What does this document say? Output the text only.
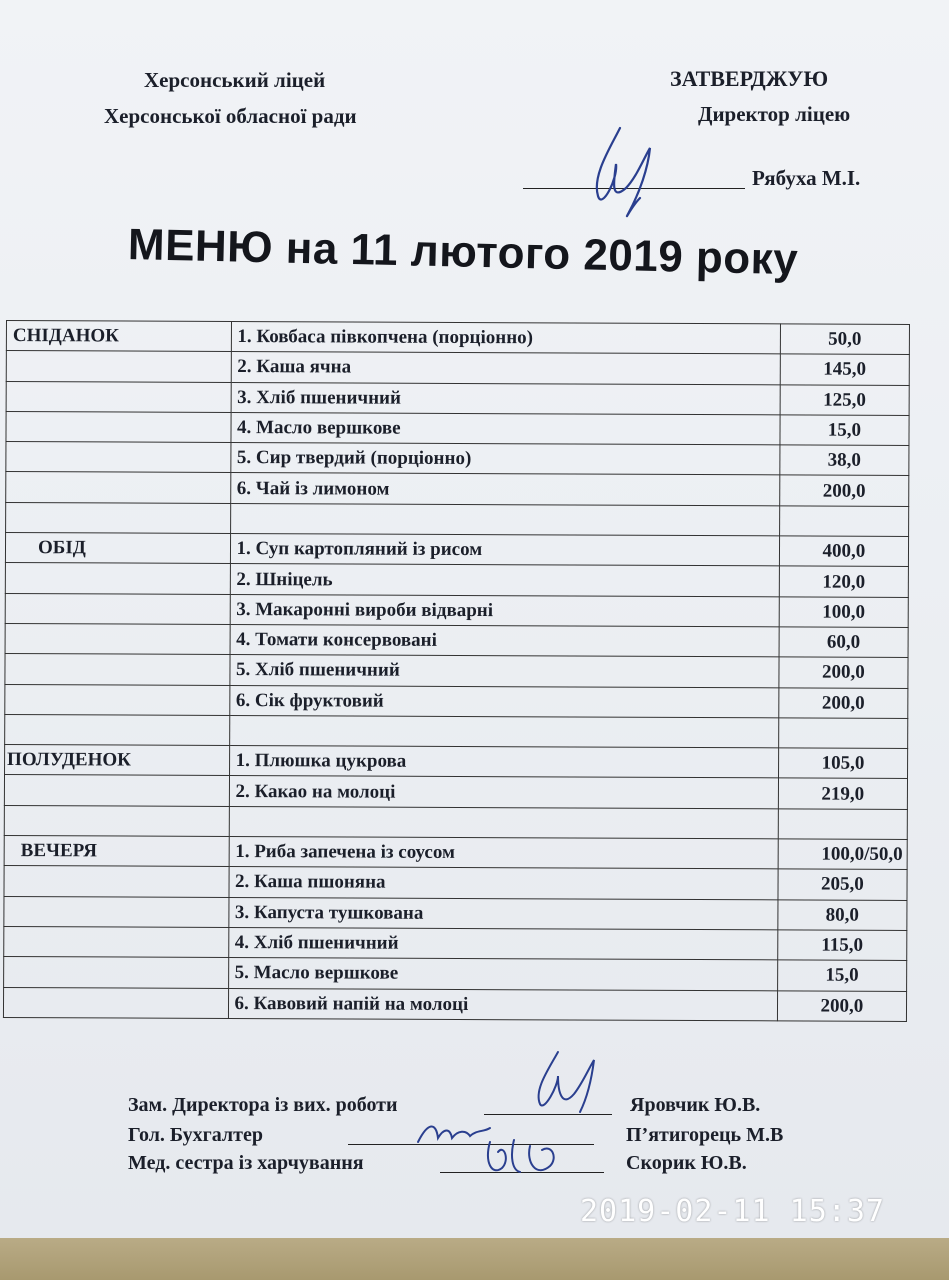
Херсонський ліцей
Херсонської обласної ради
ЗАТВЕРДЖУЮ
Директор ліцею
Рябуха М.І.
МЕНЮ на 11 лютого 2019 року
СНІДАНОК	1. Ковбаса півкопчена (порціонно)	50,0
	2. Каша ячна	145,0
	3. Хліб пшеничний	125,0
	4. Масло вершкове	15,0
	5. Сир твердий (порціонно)	38,0
	6. Чай із лимоном	200,0

ОБІД	1. Суп картопляний із рисом	400,0
	2. Шніцель	120,0
	3. Макаронні вироби відварні	100,0
	4. Томати консервовані	60,0
	5. Хліб пшеничний	200,0
	6. Сік фруктовий	200,0

ПОЛУДЕНОК	1. Плюшка цукрова	105,0
	2. Какао на молоці	219,0

ВЕЧЕРЯ	1. Риба запечена із соусом	100,0/50,0
	2. Каша пшоняна	205,0
	3. Капуста тушкована	80,0
	4. Хліб пшеничний	115,0
	5. Масло вершкове	15,0
	6. Кавовий напій на молоці	200,0
Зам. Директора із вих. роботи	Яровчик Ю.В.
Гол. Бухгалтер	П’ятигорець М.В
Мед. сестра із харчування	Скорик Ю.В.
2019-02-11 15:37
